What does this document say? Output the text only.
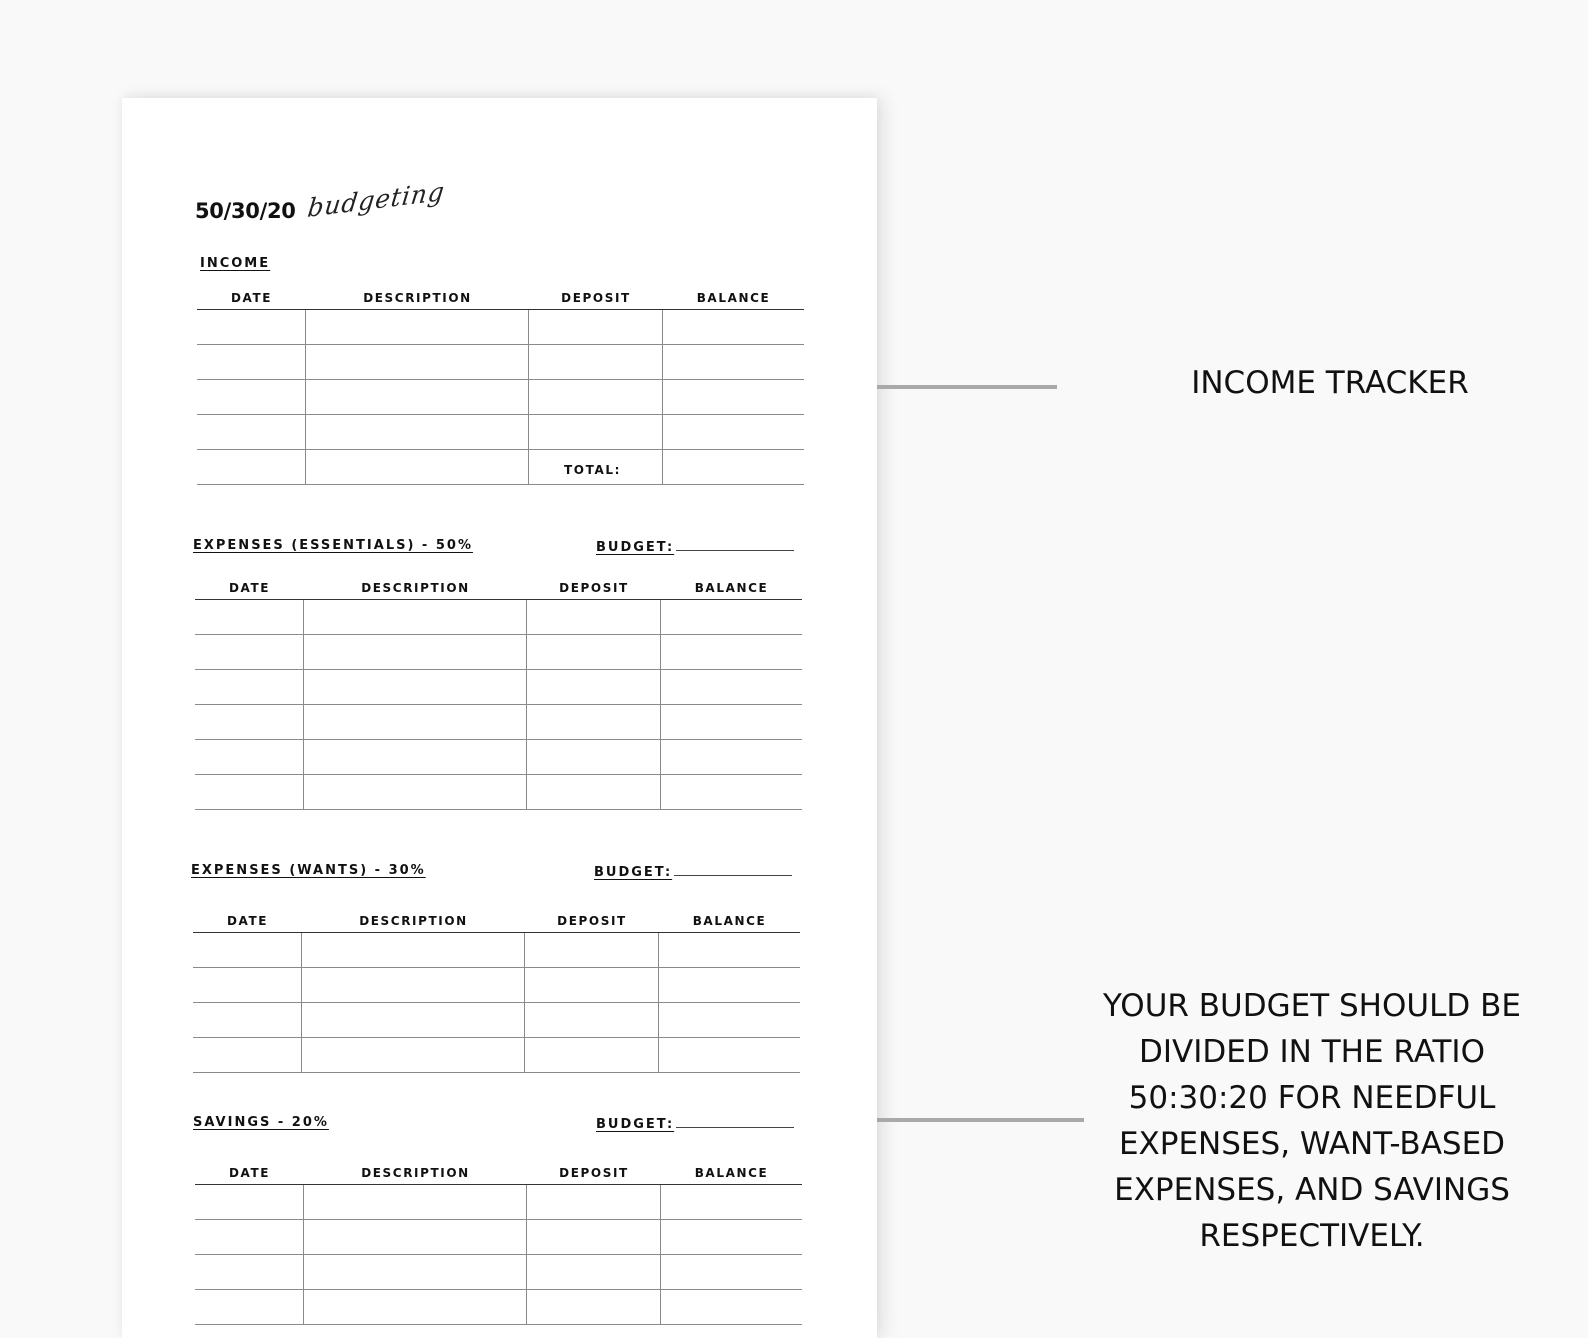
50/30/20 budgeting
INCOME
DATE	DESCRIPTION	DEPOSIT	BALANCE
TOTAL:
EXPENSES (ESSENTIALS) - 50%	BUDGET:
DATE	DESCRIPTION	DEPOSIT	BALANCE
EXPENSES (WANTS) - 30%	BUDGET:
DATE	DESCRIPTION	DEPOSIT	BALANCE
SAVINGS - 20%	BUDGET:
DATE	DESCRIPTION	DEPOSIT	BALANCE
INCOME TRACKER
YOUR BUDGET SHOULD BE
DIVIDED IN THE RATIO
50:30:20 FOR NEEDFUL
EXPENSES, WANT-BASED
EXPENSES, AND SAVINGS
RESPECTIVELY.
